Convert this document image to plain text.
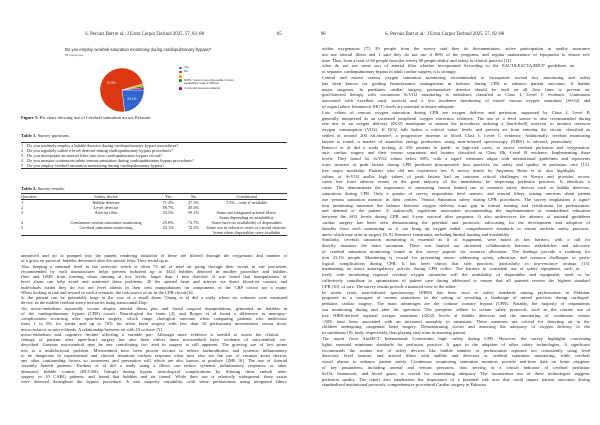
S. Pervaiz Butt et al.: J Extra Corpor Technol 2025, 57, 82–88	85
Do you employ cerebral saturation monitoring during cardiopulmonary bypass?
65 responses
23.1%
72.3%
Yes
No
NIRS. Some times disposable probes availability make it difficult
In Carotid stenosis patients
Figure 5. Pie chart showing use of Cerebral saturation across Pakistan.
Table 1. Survey questions.
1	Do you routinely employ a bubble detector during cardiopulmonary bypass procedures?
2	Do you regularly utilize a level detector during cardiopulmonary bypass procedures?
3	Do you incorporate an arterial filter into your cardiopulmonary bypass circuit?
4	Do you monitor continuous inline venous saturation during cardiopulmonary bypass procedures?
5	Do you employ cerebral saturation monitoring during cardiopulmonary bypass?
Table 2. Survey results.
Question	Safety device	Yes	No	Conditional
1	Bubble detector	71.2%	27.3%	1.5% – only if available
2	Level detector	69.7%	30.3%	
3	Arterial filter	33.3%	59.1%	Some use integrated arterial filters.
				Some depending on availability
4	Continuous venous saturation monitoring	25.8%	72.7%	Some have no availability of disposables
5	Cerebral saturation monitoring	23.1%	72.3%	Some use in selective cases of carotid stenosis.
				Some when disposables were available
unnoticed and air is pumped into the patient rendering initiation of these are filtered through the oxygenator and number of
of a gross air protocol. bubbles decreased after the arterial filter. They found up to
Also keeping a minimal level in the reservoir which is often 73 ml of total air going through their circuit in one procedure,
recommended by each manufacturer helps prevent turbulent up to 3424 bubbles detected in another procedure and bubbles
flow and GME from forming when running at low levels. larger than 1 mm detected. It was found that manipulations of
level alarm can help avoid and minimise these problems. 20 the opened heart and arteries via direct blood-air contact, and
individuals stated they do not use level alarms in their cent manipulations on components of the CBP circuit are a major
When looking at risk and reward in such a scenario, the risk source of air in the CPB circuit [6].
to the patient can be potentially huge at the cost of a small alarm Chung et al did a study where air volumes were measured
device. in the middle cerebral artery territories using transcranial Dop-
Air micro-embolism reportedly occurs despite arterial filters pler and found surgical manipulations, generated air bubbles in
of the cardiopulmonary bypass (CPB) circuit. Neurological the brain [4], and Borger et al found a difference in neuropsy-
complications occurring after open-heart surgery, which range chological outcome when comparing patients who underwent
from 1 to 6% for stroke and up to 76% for silent brain surgery with less than 10 perfusionist interventions versus those
micro-infarcts or micro-bleeds. A relationship between air with 10 or more [5].
micro-embolism and cognitive decline affecting a variable per- Although more evidence is needed to assess the clinical
centage of patients after open-heart surgery has also been effects these microemboli have, evidence of microemboli cre-
described. Gaseous microemboli may be one contributing fac- ated in surgery is still apparent. The growing use of low prime
tors to a multifactorial problem. Microemboli have been proven circuits to reduce haemodilution and systemic inflammatory
to be dangerous in experimental and clinical situations without response often now also see the use of vacuum assist devices
any other confounding factors so awareness and prevention will which are also known to produce GME [6]. The use of Arterial
certainly benefit patients. Furthers et al did a study using a filters can reduce systemic inflammatory responses or other
ultrasonic bubble counter (BCC300, Gampt) during bypass neurological complications by filtering these emboli men-
surgery in 10 CABG patients, and found that bubbles and air tioned. While their use is relatively widespread, there exists
were detected throughout the bypass procedure. A vast majority variability, with some perfusionists using integrated filters
86	S. Pervaiz Butt et al.: J Extra Corpor Technol 2025, 57, 82–88
within oxygenators [7]. 39 people from the survey said they do documentation, active participation in quality assurance
not use arterial filters and 1 said they do not use it 80% of the programs, and regular maintenance of equipment to ensure reli-
time. Thus, from a total of 66 people from the survey 60 people ability and safety in clinical practice [11].
often do not use some sort of arterial filter whether incorporated According to the EACTS/EACTA/EBCP guidelines on
or separate. cardiopulmonary bypass in adult cardiac surgery, it is strongly
Central and mixed venous oxygen saturation monitoring recommended to incorporate several key monitoring and safety
has been known for guiding hemodynamic management in features during CPB to enhance patient outcomes. A bubble
major surgeries. In paediatric cardiac surgery, perioperative detector should be used on all flow lines to prevent air
goal-directed therapy with continuous ScVO2 monitoring is embolism, classified as Class I, Level C evidence. Continuous
associated with excellent early survival and a low incidence monitoring of mixed venous oxygen saturation (SvO2) and
of organ failure. hematocrit (HCT) levels are essential to ensure adequate
Low values of venous oxygen saturation during CPB are oxygen delivery and perfusion, supported by Class I, Level B
generally interpreted as an increased peripheral oxygen extraction evidence. The use of a level sensor is also recommended during
rate due to an oxygen delivery (DO2) inadequate to sustain the procedures utilizing a (hard-shell) reservoir to monitor reservoir
oxygen consumption (VO2). If DO2 falls below a critical value, levels and prevent air from entering the circuit, classified as
settled at around 200 mL/min/m², a progressive increase of blood Class I, Level C evidence. Additionally, cerebral monitoring
lactate is found, a marker of anaerobic energy production. using near-infrared spectroscopy (NIRS) is advised, particularly
Ranucci et al did a study looking at 256 patients in paedi- in high-risk cases, to assess cerebral perfusion and oxygenation,
atric cardiac surgery and their venous saturations and lactates classified as Class IIb, Level B evidence. Implementing these
levels. They found for ScVO2 values below 68%, with a signif- measures aligns with international guidelines and represents
icant increase of peak lactate during CPB predicted postoperative best practices for safety and quality in perfusion care [12].
tive major morbidity. Patients who did not experience low A survey article by Anyanwu Rutto et al. also highlights
values of ScVO2 and/or high values of peak lactate had an outcome critical challenges in Kenya and provides recom-
come free from adverse events in the great majority of the mendations for improving perfusion practices. It identifies a
cases. This demonstrates the importance of measuring venous limited use of essential safety devices such as bubble detectors,
saturations during CPB. Only a quarter of survey respondents level sensors, and arterial filters, raising concerns about patient
use venous saturation monitor in their centres. Venous Saturation safety during CPB procedures. The survey emphasizes a signif-
tion monitoring measures the balance between oxygen delivery icant gap in formal training and certification for perfusionists,
and demand of the patient. A statistically significant association recommending the implementation of standardized education
between the SO2 levels during CPB and 3-year survival after programs. It also underscores the absence of national guidelines
cardiac surgery has been seen demonstrating the potential and protocols, advocating for the development and adoption of
benefits from such monitoring as it can bring up oxygen imbal- comprehensive standards to ensure uniform safety practices.
ances which may arise in surgery [8, 9]. Resource constraints, including limited funding and availability
Similarly, cerebral saturation monitoring is essential as it of equipment, were noted as key barriers, with a call for
directly monitors the brain saturation. There was limited use increased collaboration between stakeholders and advocacy
of cerebral saturation monitoring found in this survey popula- for resource allocation. The findings provide a roadmap for
tion 23.1% people. Monitoring is crucial for preventing neuro- addressing safety, education, and resource challenges in perfu-
logical complications during CPB. It has been shown that sion practices, particularly in low-resource settings [13].
maintaining an intact autoregulatory activity during CPB collec- The barriers to consistent use of safety equipment, such as
tively with monitoring regional cerebral oxygen saturation will the availability of disposables and equipment, need to be
collectively contribute to optimization of patient care during addressed to ensure that all patients receive the highest standard
CPB [10]. of care. The survey results provide a nuanced view of the adher-
In recent years, near-infrared spectroscopy (NIRS) has been ence to safety standards among perfusionists in Pakistan,
proposed as a surrogate of venous saturations in the setting of revealing a landscape of mixed practices during cardiopul-
pediatric cardiac surgery. The main advantages are the continu- monary bypass (CPB). Notably, the majority of respondents
ous monitoring during and after the operation. The preopera- adhere to certain safety protocols, such as the routine use of
tive NIRS-derived regional oxygen saturation (rSO2) levels of bubble detectors and the monitoring of continuous venous
<50% have been associated with an increased mortality in saturation. These measures are critical for detecting air in the
children undergoing congenital heart surgery. Demonstrating circuit and assessing the adequacy of oxygen delivery to the
its usefulness [9]. body, respectively, thus playing vital roles in ensuring patient
The report from AmSECT International Consortium high- safety during CPB. However, the survey highlights concerning
lights essential minimum standards for perfusion practice. It gaps in the adoption of other safety technologies. A significant
recommends the routine use of safety devices like bubble number of perfusionists reported not consistently using level
detectors, level sensors, and arterial filters with audible and detectors or cerebral saturation monitoring, while cerebral
visual alarms to enhance patient safety. Continuous monitoring saturation monitors provide real-time data on brain oxygena-
of key parameters, including arterial and venous pressures, tion, serving as a crucial indicator of cerebral perfusion
SvO2, hematocrit, and blood gases, is crucial for maintaining adequacy. The inconsistent use of these technologies suggests
perfusion quality. The report also emphasizes the importance of a potential risk area that could impact patient outcomes during
standardized institutional protocols, comprehensive procedural Cardiac surgery in Pakistan.
